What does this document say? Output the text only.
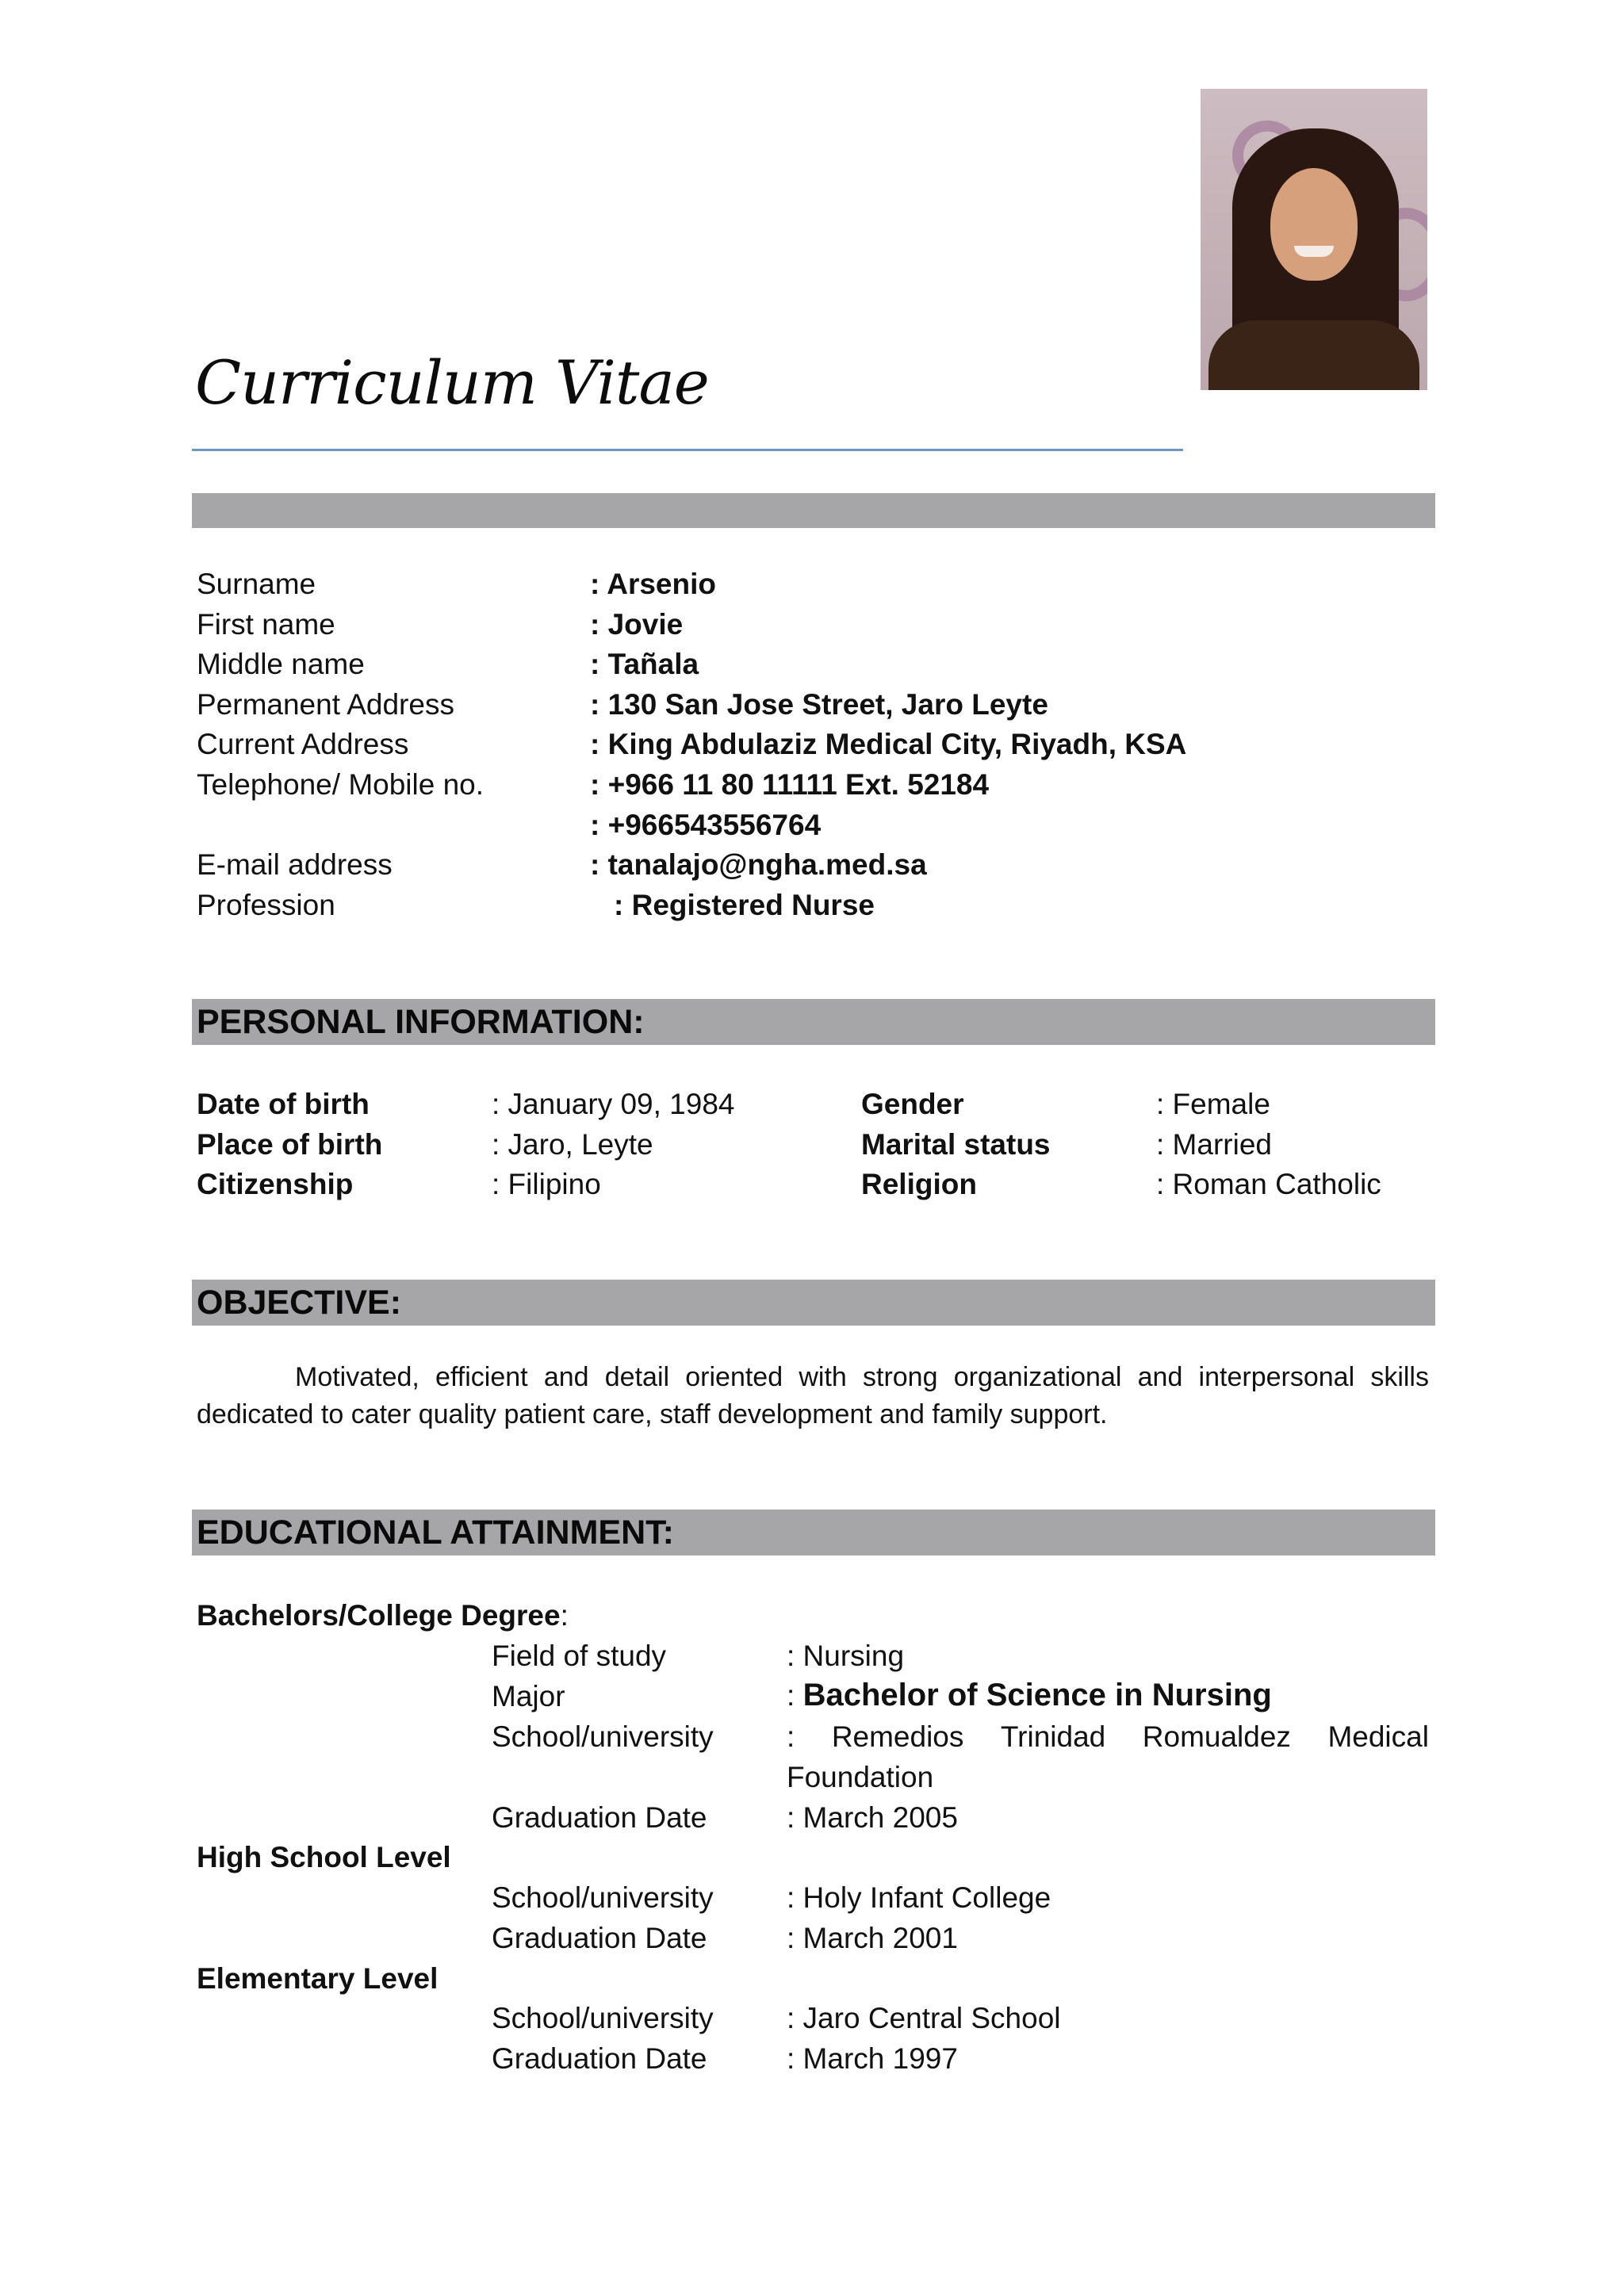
Curriculum Vitae
Surname	: Arsenio
First name	: Jovie
Middle name	: Tañala
Permanent Address	: 130 San Jose Street, Jaro Leyte
Current Address	: King Abdulaziz Medical City, Riyadh, KSA
Telephone/ Mobile no.	: +966 11 80 11111 Ext. 52184
: +966543556764
E-mail address	: tanalajo@ngha.med.sa
Profession	: Registered Nurse
PERSONAL INFORMATION:
Date of birth	: January 09, 1984	Gender	: Female
Place of birth	: Jaro, Leyte	Marital status	: Married
Citizenship	: Filipino	Religion	: Roman Catholic
OBJECTIVE:

Motivated, efficient and detail oriented with strong organizational and interpersonal skills dedicated to cater quality patient care, staff development and family support.

EDUCATIONAL ATTAINMENT:
Bachelors/College Degree:
Field of study	: Nursing
Major	: Bachelor of Science in Nursing
School/university : Remedios Trinidad Romualdez Medical
Foundation
Graduation Date	: March 2005
High School Level
School/university : Holy Infant College
Graduation Date	: March 2001
Elementary Level
School/university : Jaro Central School
Graduation Date	: March 1997
